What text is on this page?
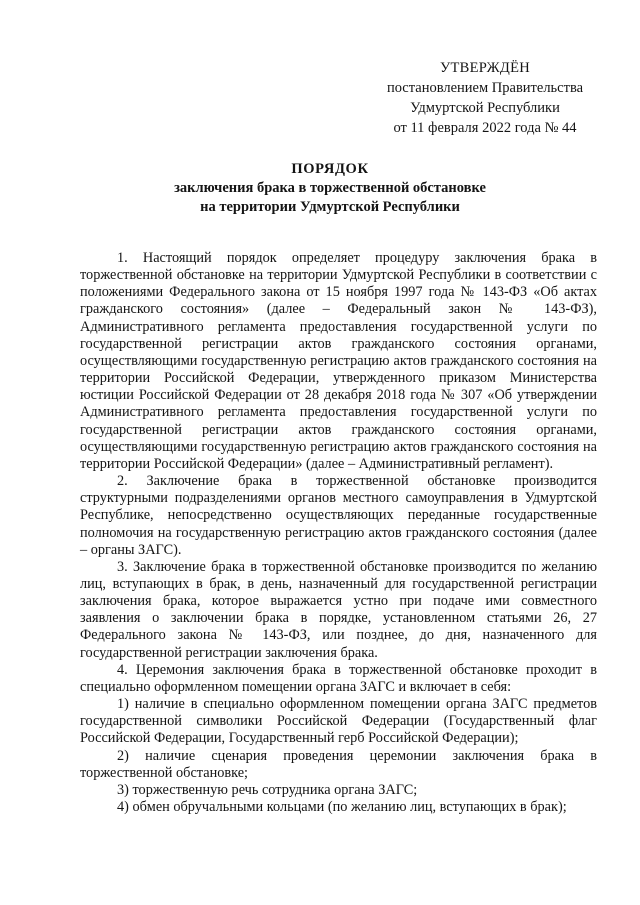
УТВЕРЖДЁН
постановлением Правительства
Удмуртской Республики
от 11 февраля 2022 года № 44
ПОРЯДОК
заключения брака в торжественной обстановке
на территории Удмуртской Республики

1. Настоящий порядок определяет процедуру заключения брака в торжественной обстановке на территории Удмуртской Республики в соответствии с положениями Федерального закона от 15 ноября 1997 года № 143-ФЗ «Об актах гражданского состояния» (далее – Федеральный закон № 143-ФЗ), Административного регламента предоставления государственной услуги по государственной регистрации актов гражданского состояния органами, осуществляющими государственную регистрацию актов гражданского состояния на территории Российской Федерации, утвержденного приказом Министерства юстиции Российской Федерации от 28 декабря 2018 года № 307 «Об утверждении Административного регламента предоставления государственной услуги по государственной регистрации актов гражданского состояния органами, осуществляющими государственную регистрацию актов гражданского состояния на территории Российской Федерации» (далее – Административный регламент).

2. Заключение брака в торжественной обстановке производится структурными подразделениями органов местного самоуправления в Удмуртской Республике, непосредственно осуществляющих переданные государственные полномочия на государственную регистрацию актов гражданского состояния (далее – органы ЗАГС).

3. Заключение брака в торжественной обстановке производится по желанию лиц, вступающих в брак, в день, назначенный для государственной регистрации заключения брака, которое выражается устно при подаче ими совместного заявления о заключении брака в порядке, установленном статьями 26, 27 Федерального закона № 143-ФЗ, или позднее, до дня, назначенного для государственной регистрации заключения брака.

4. Церемония заключения брака в торжественной обстановке проходит в специально оформленном помещении органа ЗАГС и включает в себя:

1) наличие в специально оформленном помещении органа ЗАГС предметов государственной символики Российской Федерации (Государственный флаг Российской Федерации, Государственный герб Российской Федерации);

2) наличие сценария проведения церемонии заключения брака в торжественной обстановке;

3) торжественную речь сотрудника органа ЗАГС;

4) обмен обручальными кольцами (по желанию лиц, вступающих в брак);
